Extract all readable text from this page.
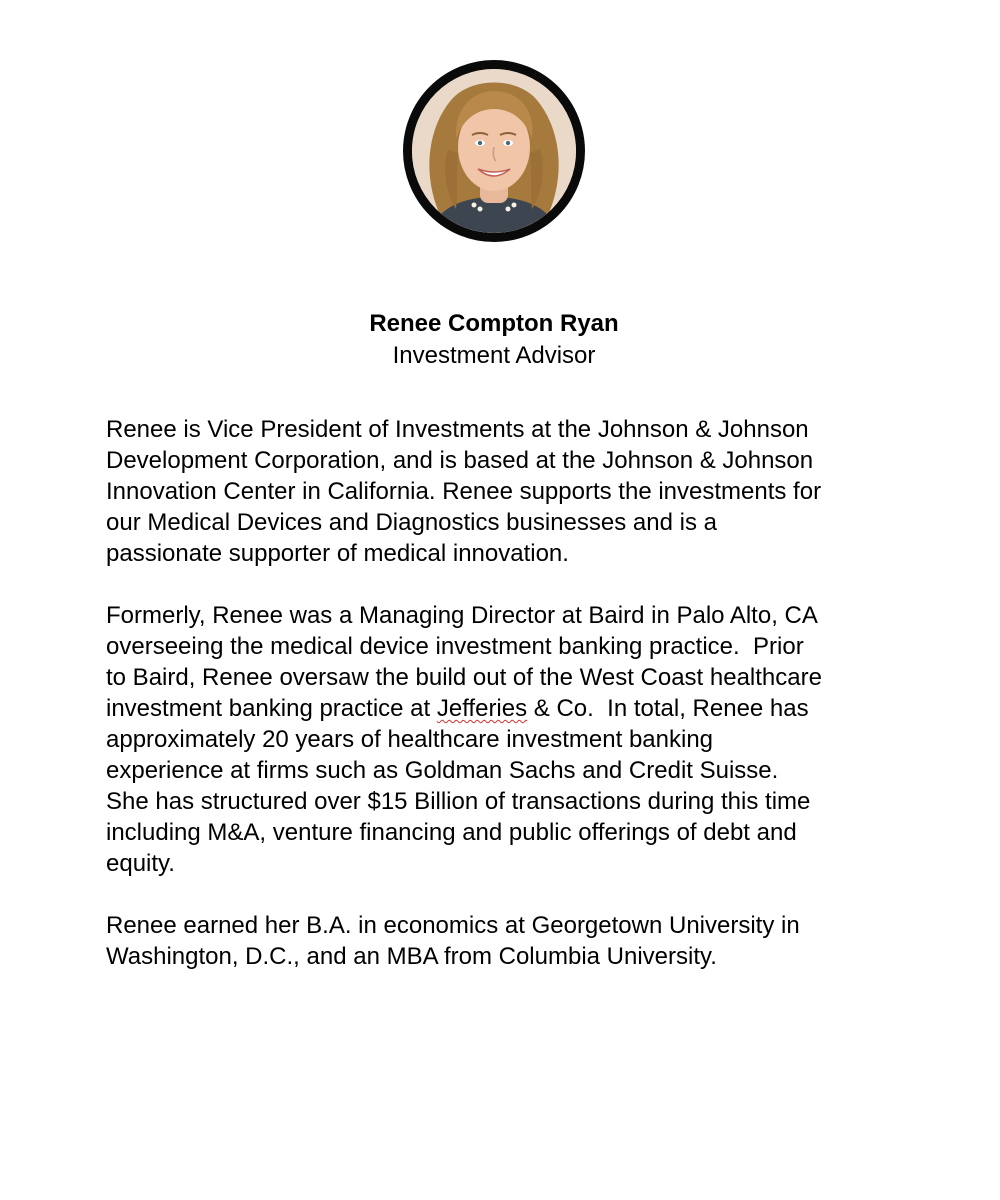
Renee Compton Ryan
Investment Advisor
Renee is Vice President of Investments at the Johnson & Johnson
Development Corporation, and is based at the Johnson & Johnson
Innovation Center in California. Renee supports the investments for
our Medical Devices and Diagnostics businesses and is a
passionate supporter of medical innovation.
Formerly, Renee was a Managing Director at Baird in Palo Alto, CA
overseeing the medical device investment banking practice.  Prior
to Baird, Renee oversaw the build out of the West Coast healthcare
investment banking practice at Jefferies & Co.  In total, Renee has
approximately 20 years of healthcare investment banking
experience at firms such as Goldman Sachs and Credit Suisse.
She has structured over $15 Billion of transactions during this time
including M&A, venture financing and public offerings of debt and
equity.
Renee earned her B.A. in economics at Georgetown University in
Washington, D.C., and an MBA from Columbia University.
